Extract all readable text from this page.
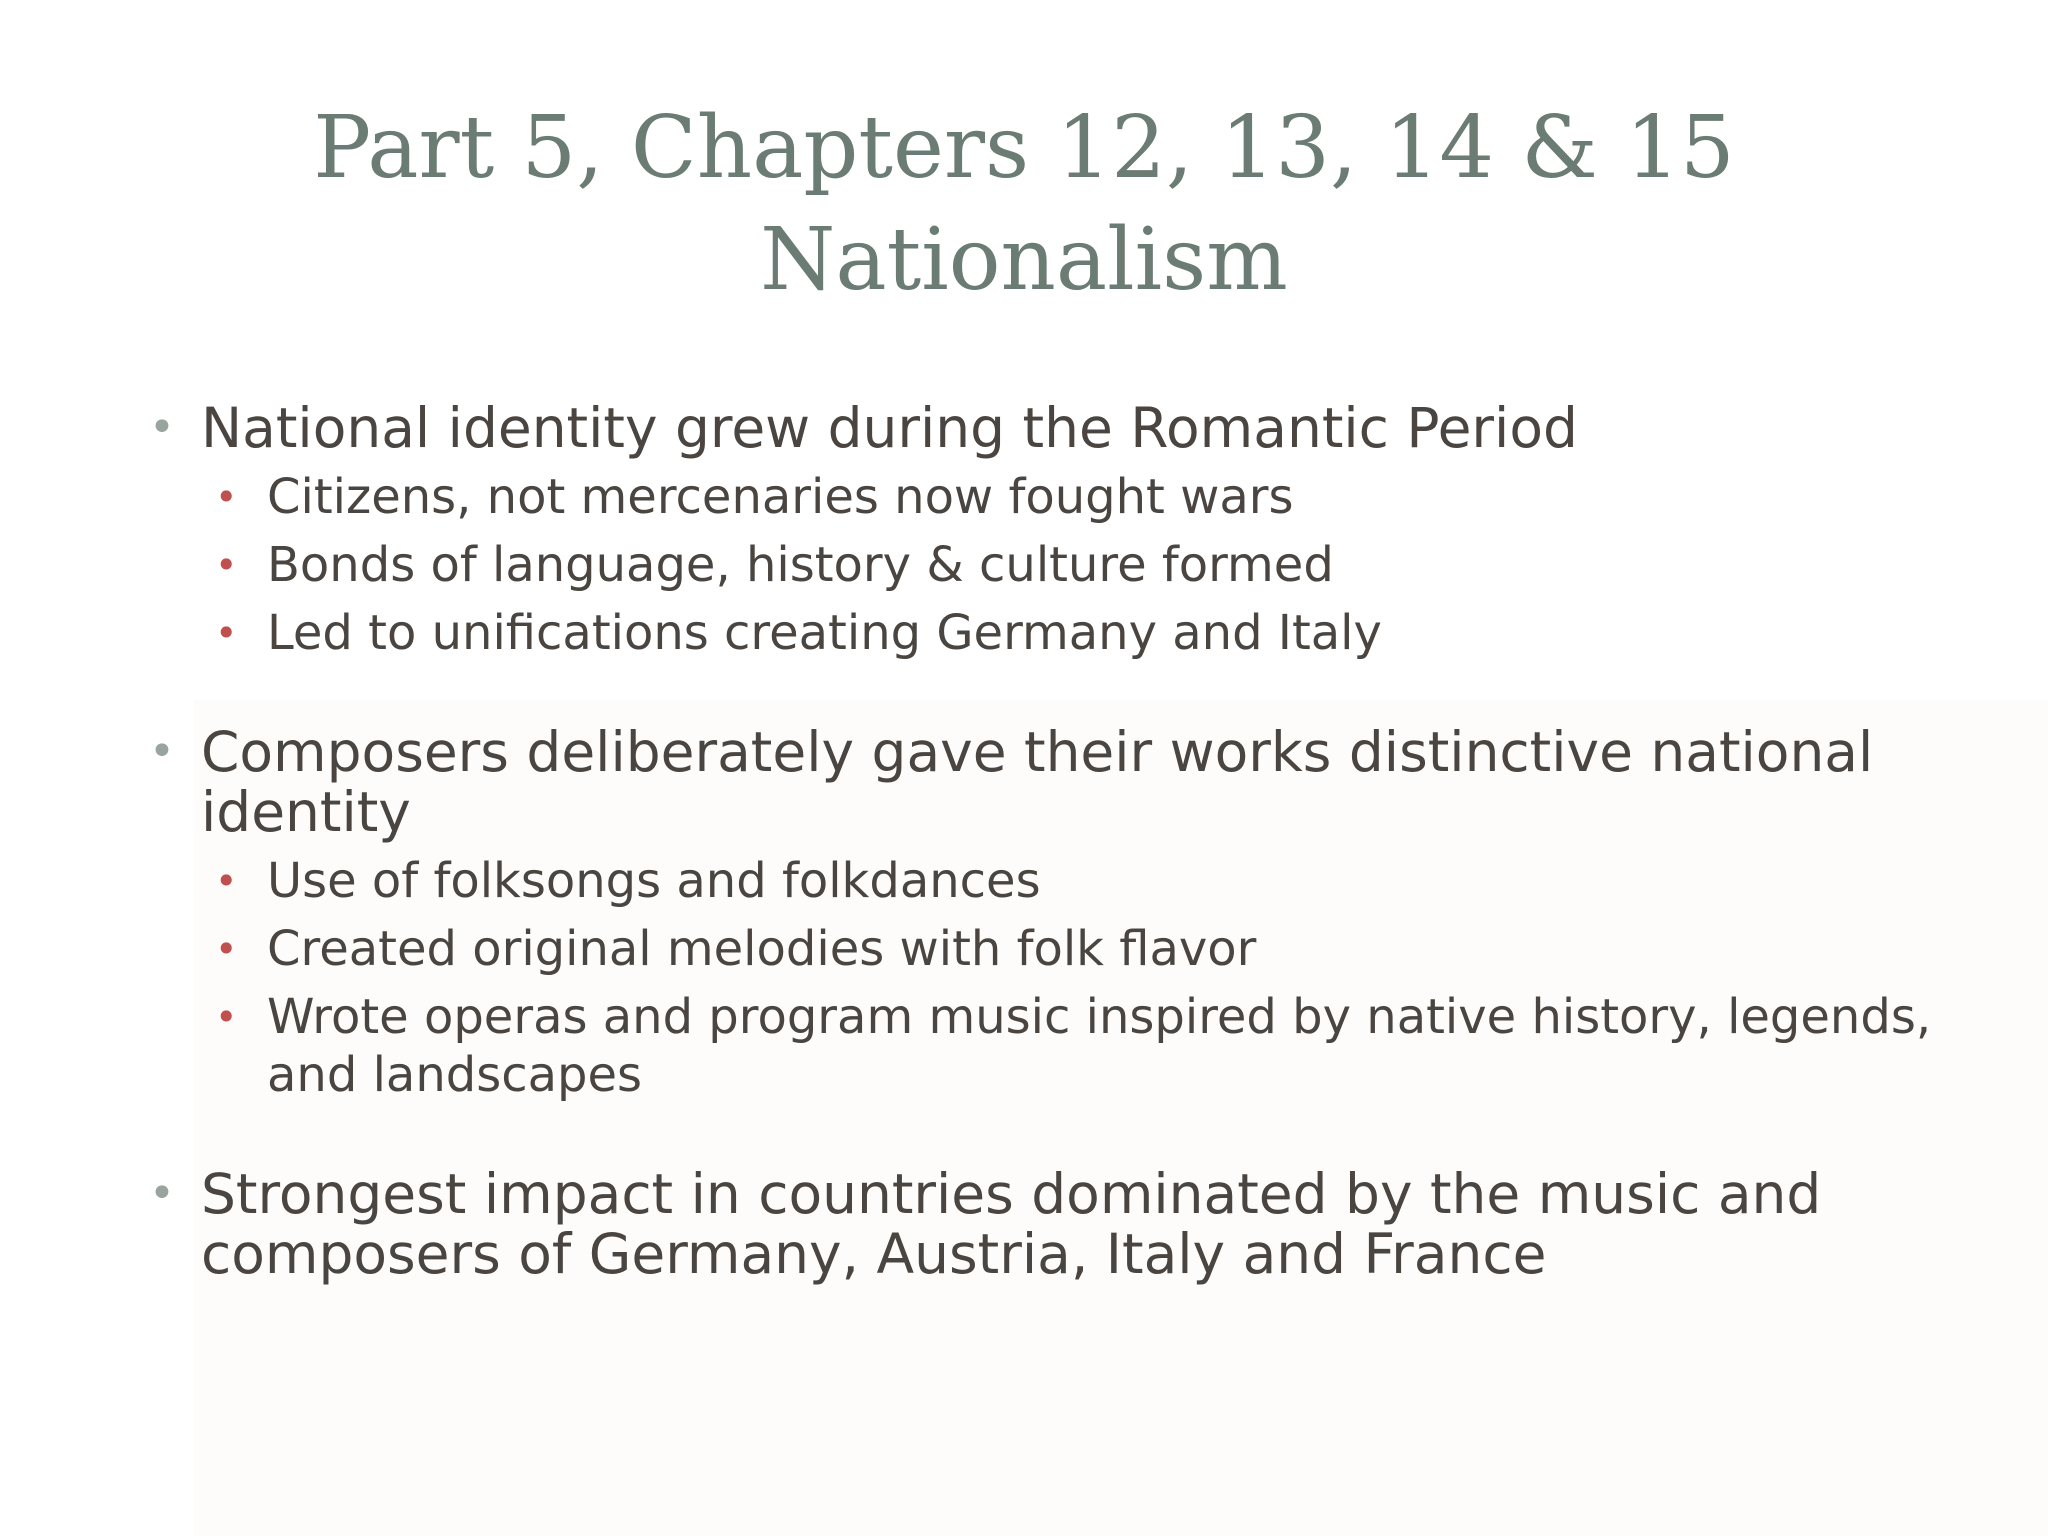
Part 5, Chapters 12, 13, 14 & 15
Nationalism
• National identity grew during the Romantic Period
• Citizens, not mercenaries now fought wars
• Bonds of language, history & culture formed
• Led to unifications creating Germany and Italy
• Composers deliberately gave their works distinctive national identity
• Use of folksongs and folkdances
• Created original melodies with folk flavor
• Wrote operas and program music inspired by native history, legends, and landscapes
• Strongest impact in countries dominated by the music and composers of Germany, Austria, Italy and France
